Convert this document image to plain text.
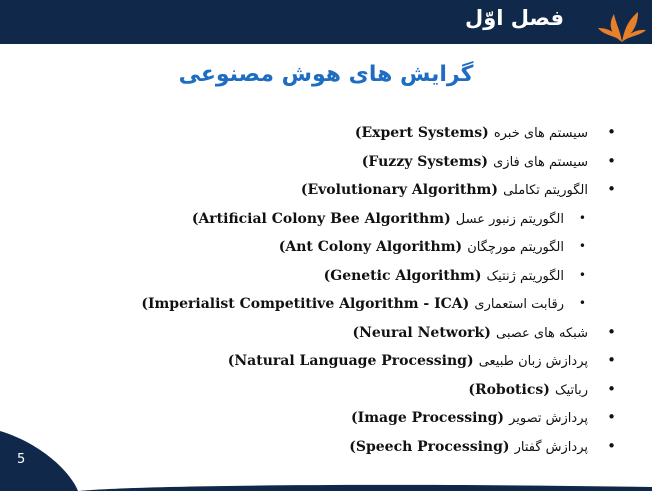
فصل اوّل
گرایش های هوش مصنوعی
•
سیستم های خبره (Expert Systems)
•
سیستم های فازی (Fuzzy Systems)
•
الگوریتم تکاملی (Evolutionary Algorithm)
•
الگوریتم زنبور عسل (Artificial Colony Bee Algorithm)
•
الگوریتم مورچگان (Ant Colony Algorithm)
•
الگوریتم ژنتیک (Genetic Algorithm)
•
رقابت استعماری (Imperialist Competitive Algorithm - ICA)
•
شبکه های عصبی (Neural Network)
•
پردازش زبان طبیعی (Natural Language Processing)
•
رباتیک (Robotics)
•
پردازش تصویر (Image Processing)
•
پردازش گفتار (Speech Processing)
5
